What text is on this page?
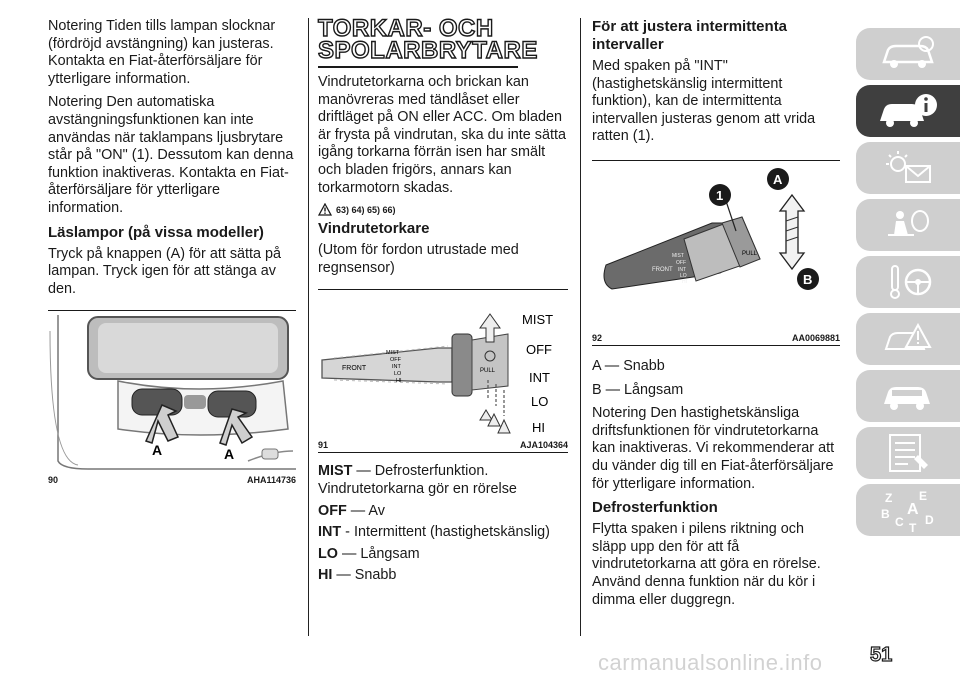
Notering Tiden tills lampan slocknar (fördröjd avstängning) kan justeras. Kontakta en Fiat-återförsäljare för ytterligare information.

Notering Den automatiska avstängningsfunktionen kan inte användas när taklampans ljusbrytare står på "ON" (1). Dessutom kan denna funktion inaktiveras. Kontakta en Fiat-återförsäljare för ytterligare information.

Läslampor (på vissa modeller)

Tryck på knappen (A) för att sätta på lampan. Tryck igen för att stänga av den.

A	A
90	AHA114736
TORKAR- OCH
SPOLARBRYTARE

Vindrutetorkarna och brickan kan manövreras med tändlåset eller driftläget på ON eller ACC. Om bladen är frysta på vindrutan, ska du inte sätta igång torkarna förrän isen har smält och bladen frigörs, annars kan torkarmotorn skadas.

63) 64) 65) 66)
Vindrutetorkare

(Utom för fordon utrustade med regnsensor)

FRONT
MIST
OFF
INT
LO
HI
PULL
MIST
OFF
INT
LO
HI
91	AJA104364

MIST — Defrosterfunktion. Vindrutetorkarna gör en rörelse

OFF — Av

INT - Intermittent (hastighetskänslig)

LO — Långsam

HI — Snabb

För att justera intermittenta intervaller

Med spaken på "INT" (hastighetskänslig intermittent funktion), kan de intermittenta intervallen justeras genom att vrida ratten (1).

FRONT
MIST
OFF
INT
LO
HI
PULL
1
A
B
92	AA0069881

A — Snabb

B — Långsam

Notering Den hastighetskänsliga driftsfunktionen för vindrutetorkarna kan inaktiveras. Vi rekommenderar att du vänder dig till en Fiat-återförsäljare för ytterligare information.

Defrosterfunktion

Flytta spaken i pilens riktning och släpp upp den för att få vindrutetorkarna att göra en rörelse. Använd denna funktion när du kör i dimma eller duggregn.

Z E
A
B
C D
T
carmanualsonline.info 51
